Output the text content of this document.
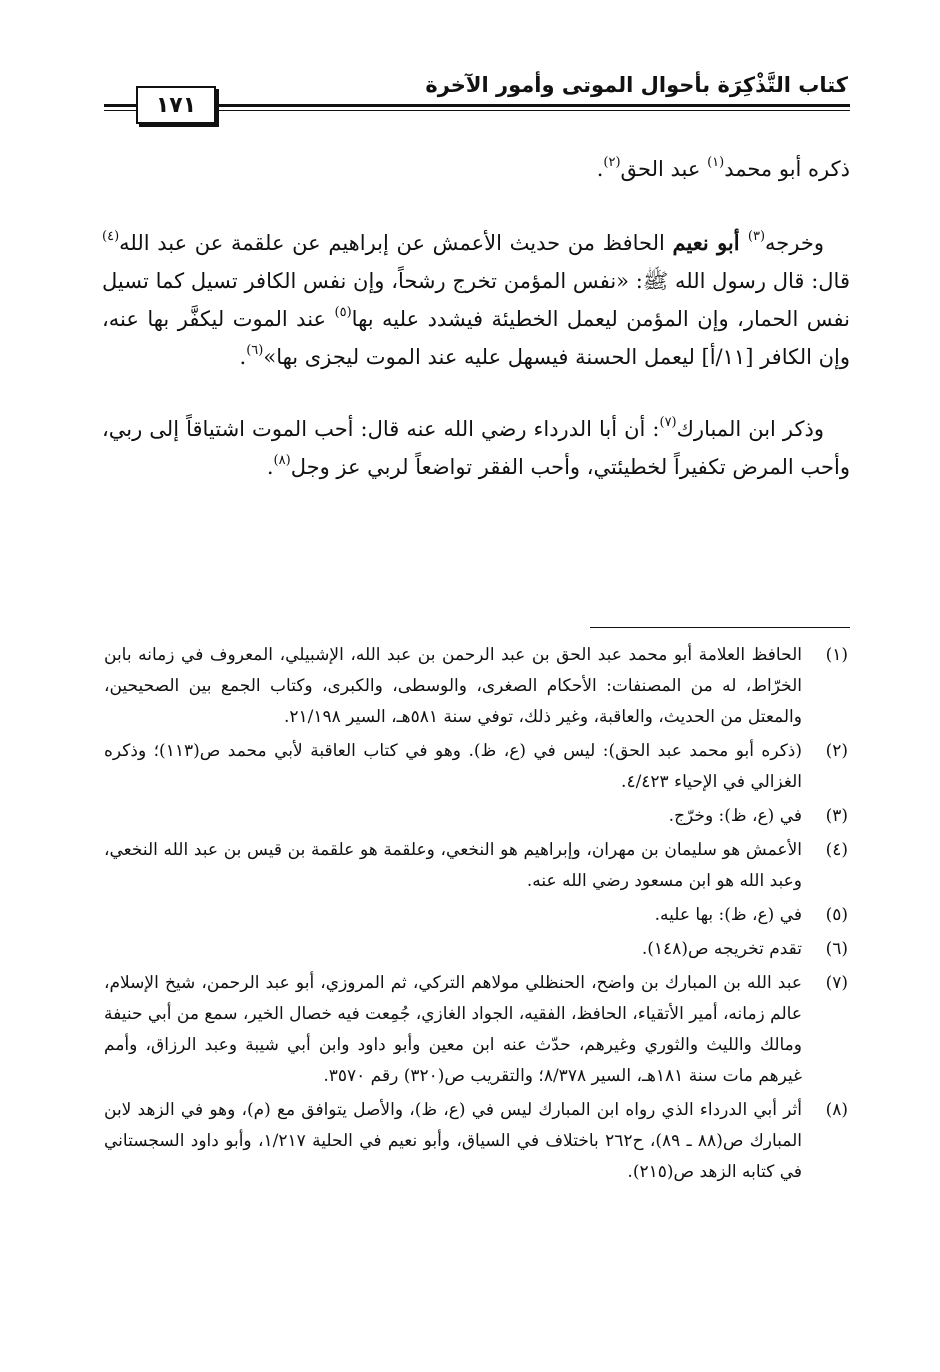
كتاب التَّذْكِرَة بأحوال الموتى وأمور الآخرة
١٧١

ذكره أبو محمد$^{(١)}$ عبد الحق$^{(٢)}$.

وخرجه$^{(٣)}$ أبو نعيم الحافظ من حديث الأعمش عن إبراهيم عن علقمة عن عبد الله$^{(٤)}$ قال: قال رسول الله ﷺ: «نفس المؤمن تخرج رشحاً، وإن نفس الكافر تسيل كما تسيل نفس الحمار، وإن المؤمن ليعمل الخطيئة فيشدد عليه بها$^{(٥)}$ عند الموت ليكفَّر بها عنه، وإن الكافر [١١/أ] ليعمل الحسنة فيسهل عليه عند الموت ليجزى بها»$^{(٦)}$.

وذكر ابن المبارك$^{(٧)}$: أن أبا الدرداء رضي الله عنه قال: أحب الموت اشتياقاً إلى ربي، وأحب المرض تكفيراً لخطيئتي، وأحب الفقر تواضعاً لربي عز وجل$^{(٨)}$.

(١)
الحافظ العلامة أبو محمد عبد الحق بن عبد الرحمن بن عبد الله، الإشبيلي، المعروف في زمانه بابن الخرّاط، له من المصنفات: الأحكام الصغرى، والوسطى، والكبرى، وكتاب الجمع بين الصحيحين، والمعتل من الحديث، والعاقبة، وغير ذلك، توفي سنة ٥٨١هـ، السير ٢١/١٩٨.
(٢)
(ذكره أبو محمد عبد الحق): ليس في (ع، ظ). وهو في كتاب العاقبة لأبي محمد ص(١١٣)؛ وذكره الغزالي في الإحياء ٤/٤٢٣.
(٣)
في (ع، ظ): وخرّج.
(٤)
الأعمش هو سليمان بن مهران، وإبراهيم هو النخعي، وعلقمة هو علقمة بن قيس بن عبد الله النخعي، وعبد الله هو ابن مسعود رضي الله عنه.
(٥)
في (ع، ظ): بها عليه.
(٦)
تقدم تخريجه ص(١٤٨).
(٧)
عبد الله بن المبارك بن واضح، الحنظلي مولاهم التركي، ثم المروزي، أبو عبد الرحمن، شيخ الإسلام، عالم زمانه، أمير الأتقياء، الحافظ، الفقيه، الجواد الغازي، جُمِعت فيه خصال الخير، سمع من أبي حنيفة ومالك والليث والثوري وغيرهم، حدّث عنه ابن معين وأبو داود وابن أبي شيبة وعبد الرزاق، وأمم غيرهم مات سنة ١٨١هـ، السير ٨/٣٧٨؛ والتقريب ص(٣٢٠) رقم ٣٥٧٠.
(٨)
أثر أبي الدرداء الذي رواه ابن المبارك ليس في (ع، ظ)، والأصل يتوافق مع (م)، وهو في الزهد لابن المبارك ص(٨٨ ـ ٨٩)، ح٢٦٢ باختلاف في السياق، وأبو نعيم في الحلية ١/٢١٧، وأبو داود السجستاني في كتابه الزهد ص(٢١٥).
